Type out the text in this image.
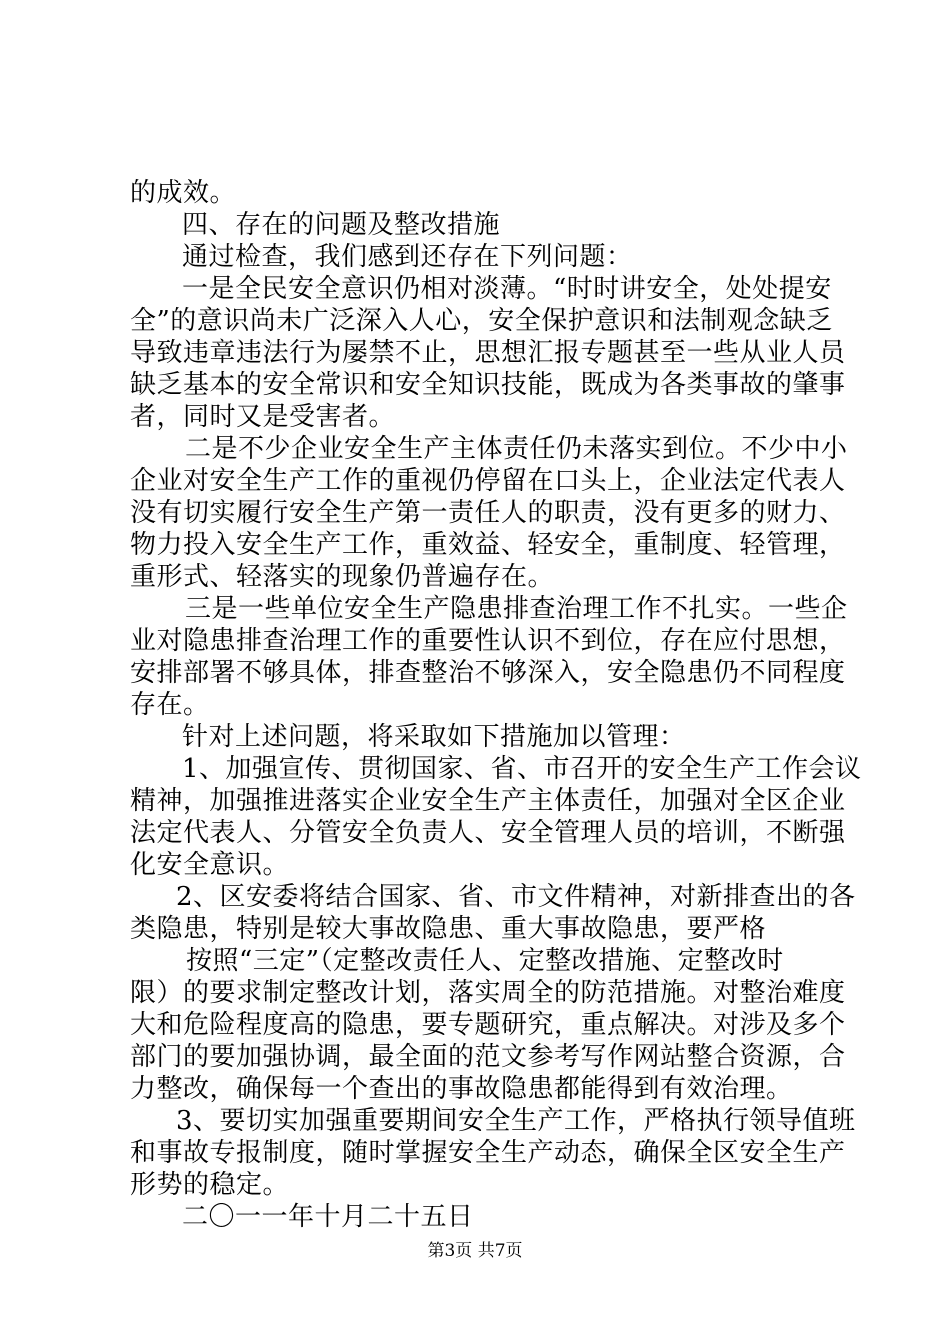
的成效。
四、存在的问题及整改措施
通过检查，我们感到还存在下列问题：
一是全民安全意识仍相对淡薄。“时时讲安全，处处提安
全”的意识尚未广泛深入人心，安全保护意识和法制观念缺乏
导致违章违法行为屡禁不止，思想汇报专题甚至一些从业人员
缺乏基本的安全常识和安全知识技能，既成为各类事故的肇事
者，同时又是受害者。
二是不少企业安全生产主体责任仍未落实到位。不少中小
企业对安全生产工作的重视仍停留在口头上，企业法定代表人
没有切实履行安全生产第一责任人的职责，没有更多的财力、
物力投入安全生产工作，重效益、轻安全，重制度、轻管理，
重形式、轻落实的现象仍普遍存在。
三是一些单位安全生产隐患排查治理工作不扎实。一些企
业对隐患排查治理工作的重要性认识不到位，存在应付思想，
安排部署不够具体，排查整治不够深入，安全隐患仍不同程度
存在。
针对上述问题，将采取如下措施加以管理：
1、加强宣传、贯彻国家、省、市召开的安全生产工作会议
精神，加强推进落实企业安全生产主体责任，加强对全区企业
法定代表人、分管安全负责人、安全管理人员的培训，不断强
化安全意识。
2、区安委将结合国家、省、市文件精神，对新排查出的各
类隐患，特别是较大事故隐患、重大事故隐患，要严格
按照“三定”（定整改责任人、定整改措施、定整改时
限）的要求制定整改计划，落实周全的防范措施。对整治难度
大和危险程度高的隐患，要专题研究，重点解决。对涉及多个
部门的要加强协调，最全面的范文参考写作网站整合资源，合
力整改，确保每一个查出的事故隐患都能得到有效治理。
3、要切实加强重要期间安全生产工作，严格执行领导值班
和事故专报制度，随时掌握安全生产动态，确保全区安全生产
形势的稳定。
二〇一一年十月二十五日
第3页 共7页
